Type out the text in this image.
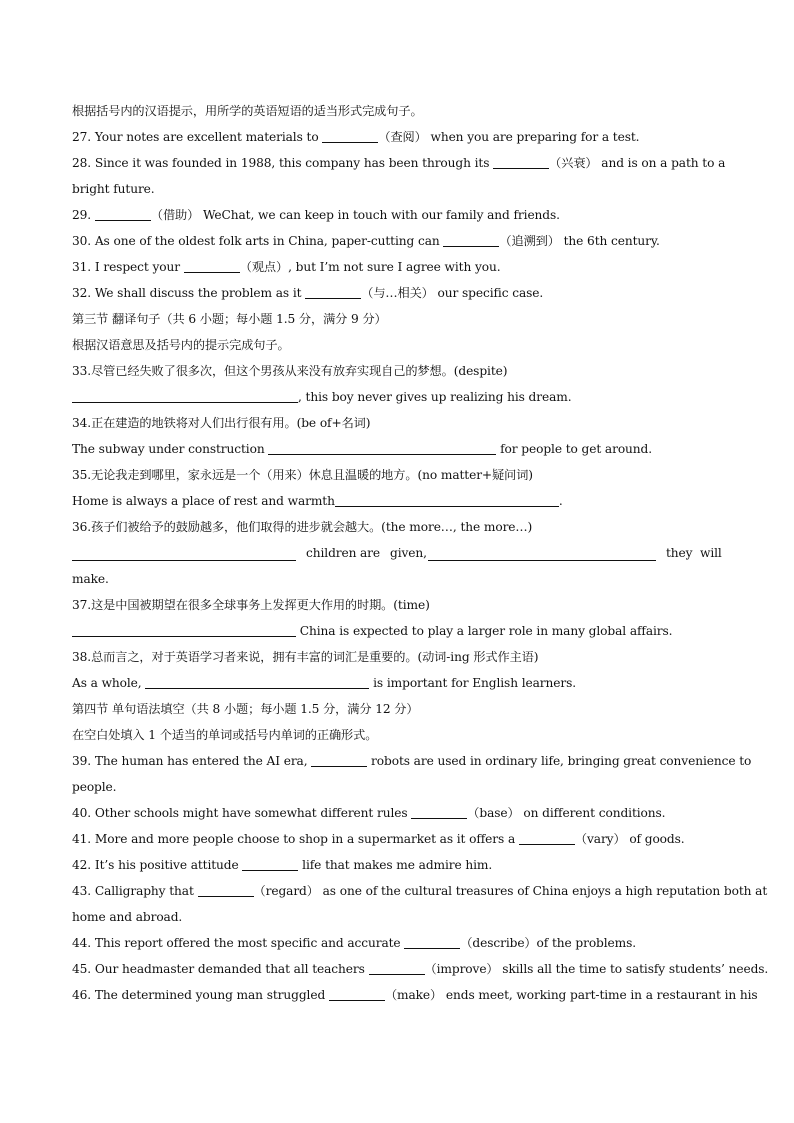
根据括号内的汉语提示，用所学的英语短语的适当形式完成句子。
27. Your notes are excellent materials to	（查阅） when you are preparing for a test.
28. Since it was founded in 1988, this company has been through its	（兴衰） and is on a path to a
bright future.
29.	（借助） WeChat, we can keep in touch with our family and friends.
30. As one of the oldest folk arts in China, paper-cutting can	（追溯到） the 6th century.
31. I respect your	（观点）, but I’m not sure I agree with you.
32. We shall discuss the problem as it	（与…相关） our specific case.
第三节 翻译句子（共 6 小题；每小题 1.5 分，满分 9 分）
根据汉语意思及括号内的提示完成句子。
33.尽管已经失败了很多次，但这个男孩从来没有放弃实现自己的梦想。(despite)
, this boy never gives up realizing his dream.
34.正在建造的地铁将对人们出行很有用。(be of+名词)
The subway under construction	for people to get around.
35.无论我走到哪里，家永远是一个（用来）休息且温暖的地方。(no matter+疑问词)
Home is always a place of rest and warmth	.
36.孩子们被给予的鼓励越多，他们取得的进步就会越大。(the more…, the more…)
children are given,	they will
make.
37.这是中国被期望在很多全球事务上发挥更大作用的时期。(time)
China is expected to play a larger role in many global affairs.
38.总而言之，对于英语学习者来说，拥有丰富的词汇是重要的。(动词-ing 形式作主语)
As a whole,	is important for English learners.
第四节 单句语法填空（共 8 小题；每小题 1.5 分，满分 12 分）
在空白处填入 1 个适当的单词或括号内单词的正确形式。
39. The human has entered the AI era,	robots are used in ordinary life, bringing great convenience to
people.
40. Other schools might have somewhat different rules	（base） on different conditions.
41. More and more people choose to shop in a supermarket as it offers a	（vary） of goods.
42. It’s his positive attitude	life that makes me admire him.
43. Calligraphy that	（regard） as one of the cultural treasures of China enjoys a high reputation both at
home and abroad.
44. This report offered the most specific and accurate	（describe）of the problems.
45. Our headmaster demanded that all teachers	（improve） skills all the time to satisfy students’ needs.
46. The determined young man struggled	（make） ends meet, working part-time in a restaurant in his
